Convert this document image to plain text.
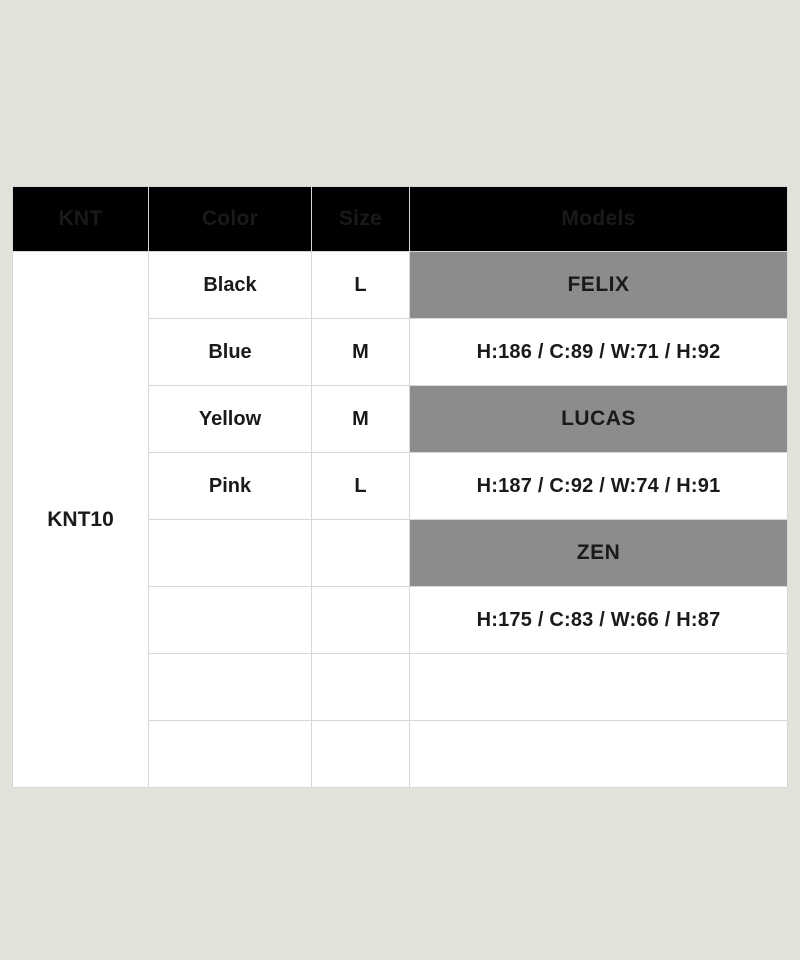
KNT	Color	Size	Models
KNT10	Black	L	FELIX
	Blue	M	H:186 / C:89 / W:71 / H:92
	Yellow	M	LUCAS
	Pink	L	H:187 / C:92 / W:74 / H:91
			ZEN
			H:175 / C:83 / W:66 / H:87
